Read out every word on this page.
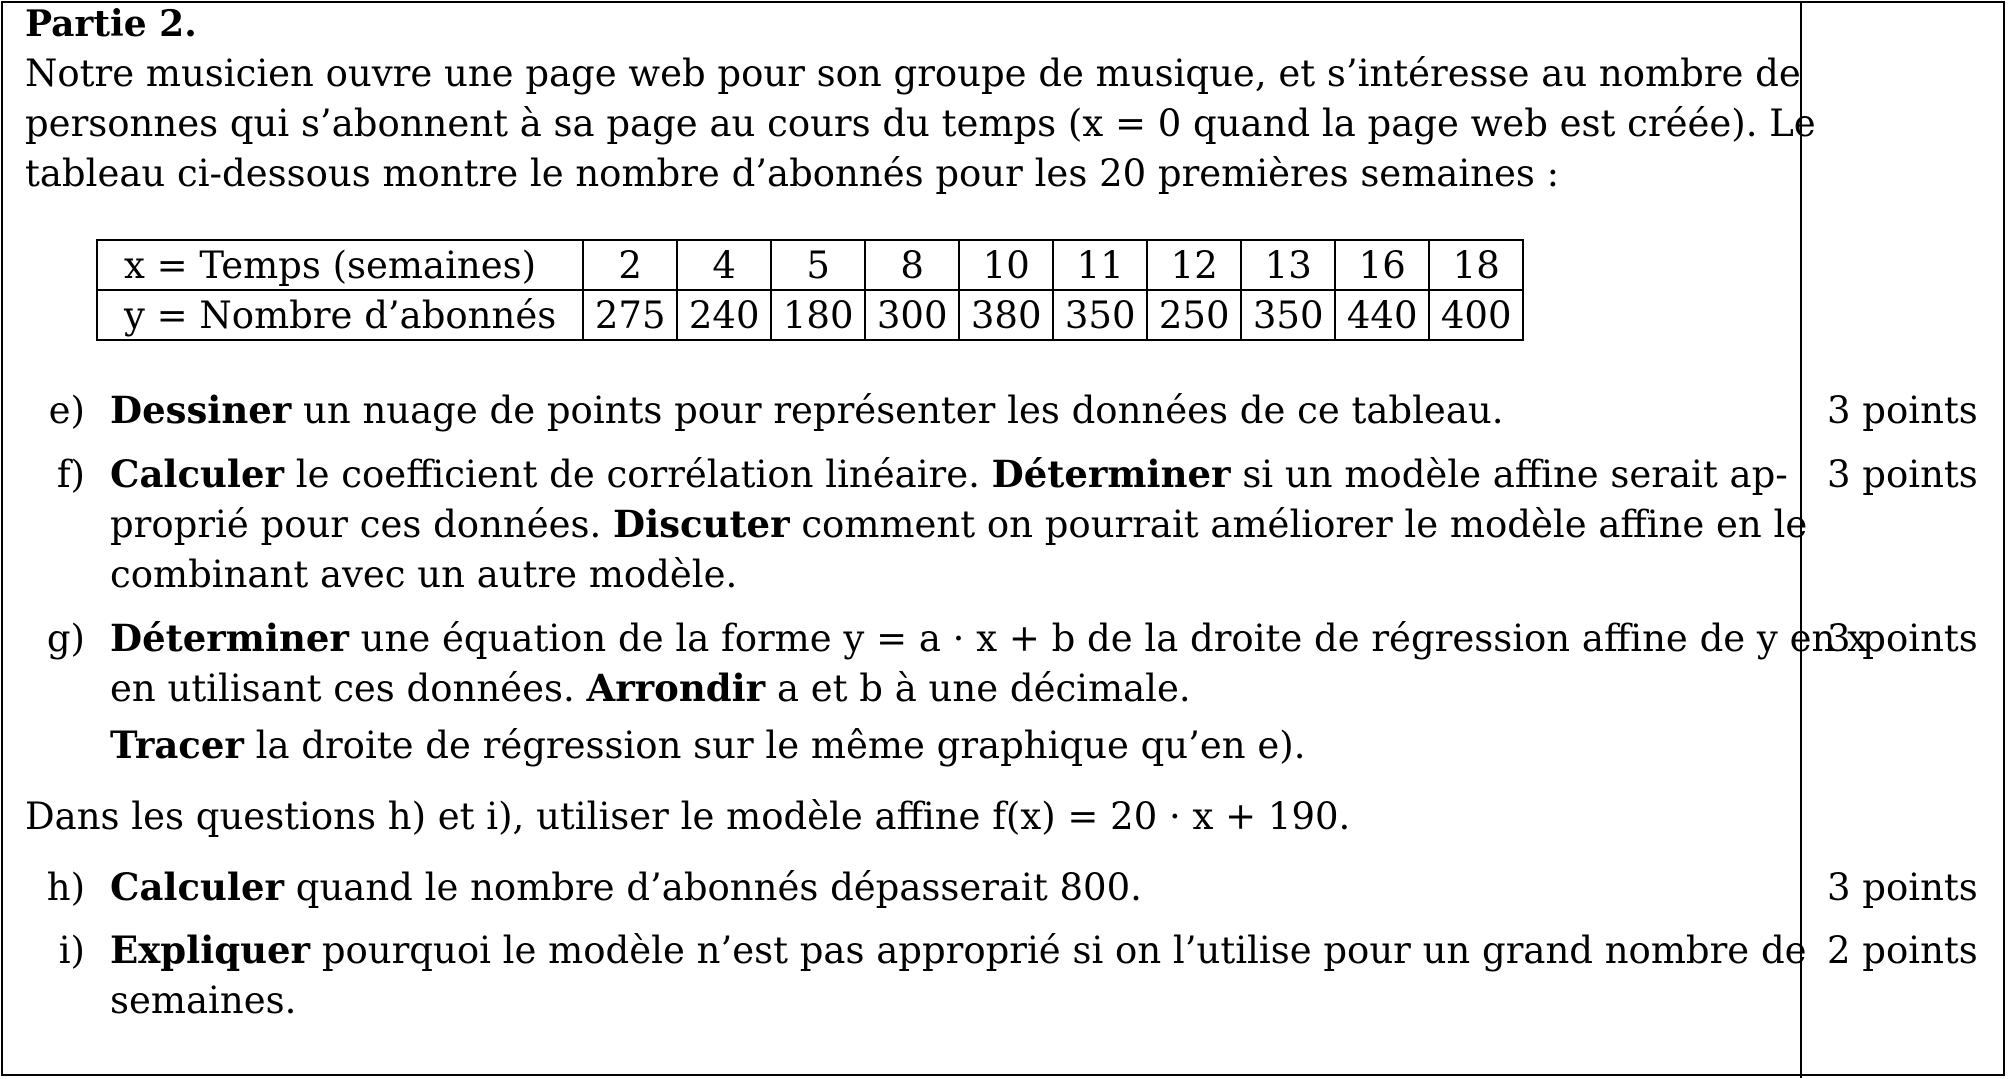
Partie 2.
Notre musicien ouvre une page web pour son groupe de musique, et s’intéresse au nombre de
personnes qui s’abonnent à sa page au cours du temps (x = 0 quand la page web est créée). Le
tableau ci-dessous montre le nombre d’abonnés pour les 20 premières semaines :
x = Temps (semaines)	2	4	5	8	10	11	12	13	16	18
y = Nombre d’abonnés	275	240	180	300	380	350	250	350	440	400
e) Dessiner un nuage de points pour représenter les données de ce tableau.	3 points
f) Calculer le coefficient de corrélation linéaire. Déterminer si un modèle affine serait ap-
proprié pour ces données. Discuter comment on pourrait améliorer le modèle affine en le
combinant avec un autre modèle.
3 points
g) Déterminer une équation de la forme y = a · x + b de la droite de régression affine de y en x
en utilisant ces données. Arrondir a et b à une décimale.
Tracer la droite de régression sur le même graphique qu’en e).
3 points
Dans les questions h) et i), utiliser le modèle affine f(x) = 20 · x + 190.
h) Calculer quand le nombre d’abonnés dépasserait 800.	3 points
i) Expliquer pourquoi le modèle n’est pas approprié si on l’utilise pour un grand nombre de
semaines.
2 points
